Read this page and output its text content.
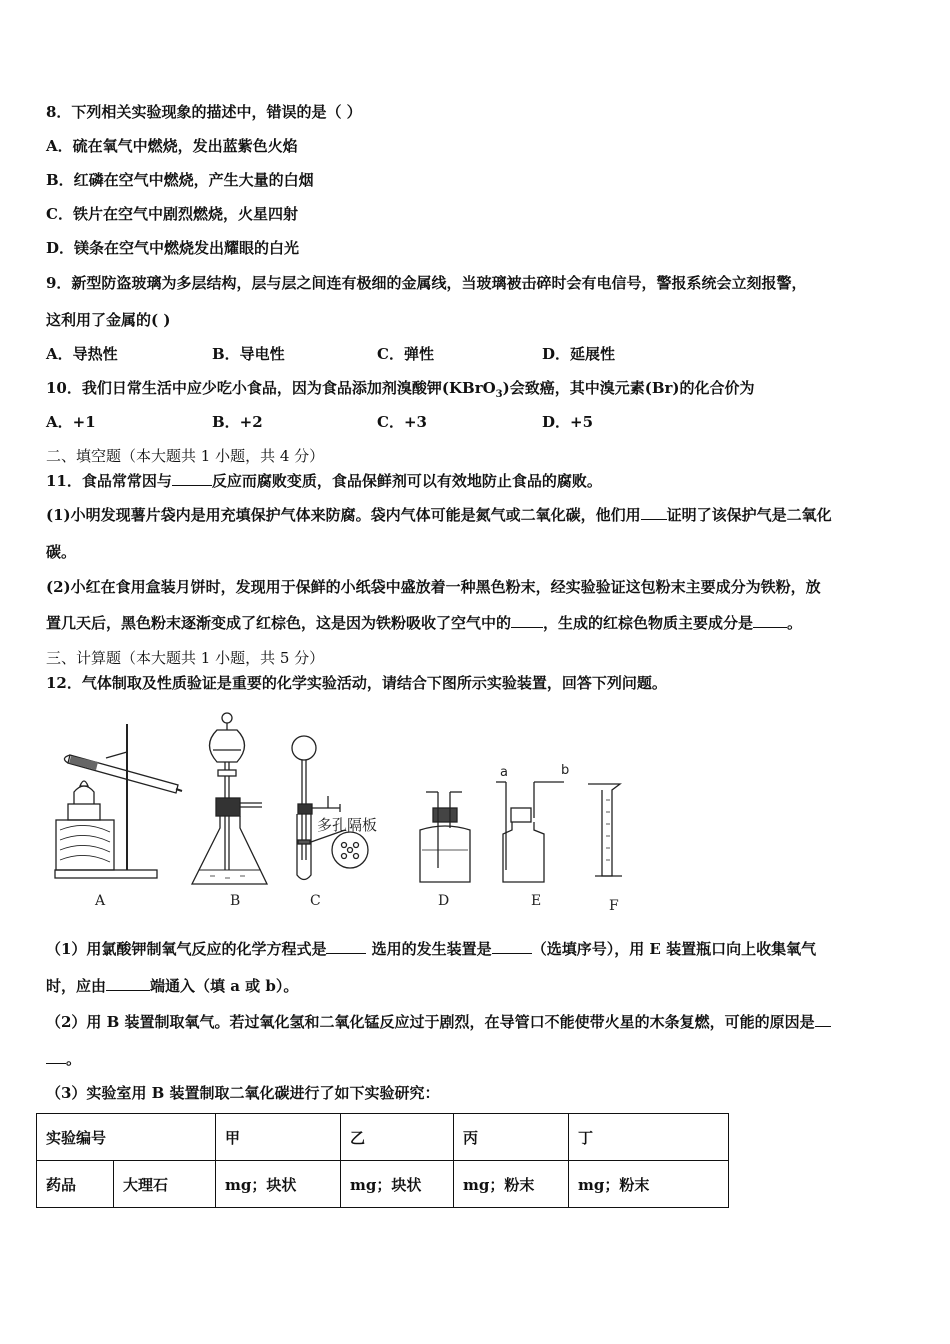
8．下列相关实验现象的描述中，错误的是（ ）
A．硫在氧气中燃烧，发出蓝紫色火焰
B．红磷在空气中燃烧，产生大量的白烟
C．铁片在空气中剧烈燃烧，火星四射
D．镁条在空气中燃烧发出耀眼的白光
9．新型防盗玻璃为多层结构，层与层之间连有极细的金属线，当玻璃被击碎时会有电信号，警报系统会立刻报警，
这利用了金属的( )
A．导热性	B．导电性	C．弹性	D．延展性
10．我们日常生活中应少吃小食品，因为食品添加剂溴酸钾(KBrO$_3$)会致癌，其中溴元素(Br)的化合价为
A．+1	B．+2	C．+3	D．+5
二、填空题（本大题共 1 小题，共 4 分）
11．食品常常因与	反应而腐败变质，食品保鲜剂可以有效地防止食品的腐败。
(1)小明发现薯片袋内是用充填保护气体来防腐。袋内气体可能是氮气或二氧化碳，他们用 证明了该保护气是二氧化
碳。
(2)小红在食用盒装月饼时，发现用于保鲜的小纸袋中盛放着一种黑色粉末，经实验验证这包粉末主要成分为铁粉，放
置几天后，黑色粉末逐渐变成了红棕色，这是因为铁粉吸收了空气中的 ，生成的红棕色物质主要成分是 。
三、计算题（本大题共 1 小题，共 5 分）
12．气体制取及性质验证是重要的化学实验活动，请结合下图所示实验装置，回答下列问题。
多孔隔板
a	b
A	B	C	D	E	F
（1）用氯酸钾制氧气反应的化学方程式是	选用的发生装置是	（选填序号），用 E 装置瓶口向上收集氧气
时，应由	端通入（填 a 或 b）。
（2）用 B 装置制取氧气。若过氧化氢和二氧化锰反应过于剧烈，在导管口不能使带火星的木条复燃，可能的原因是
。
（3）实验室用 B 装置制取二氧化碳进行了如下实验研究：
实验编号		甲	乙	丙	丁
药品	大理石	mg；块状	mg；块状	mg；粉末	mg；粉末
